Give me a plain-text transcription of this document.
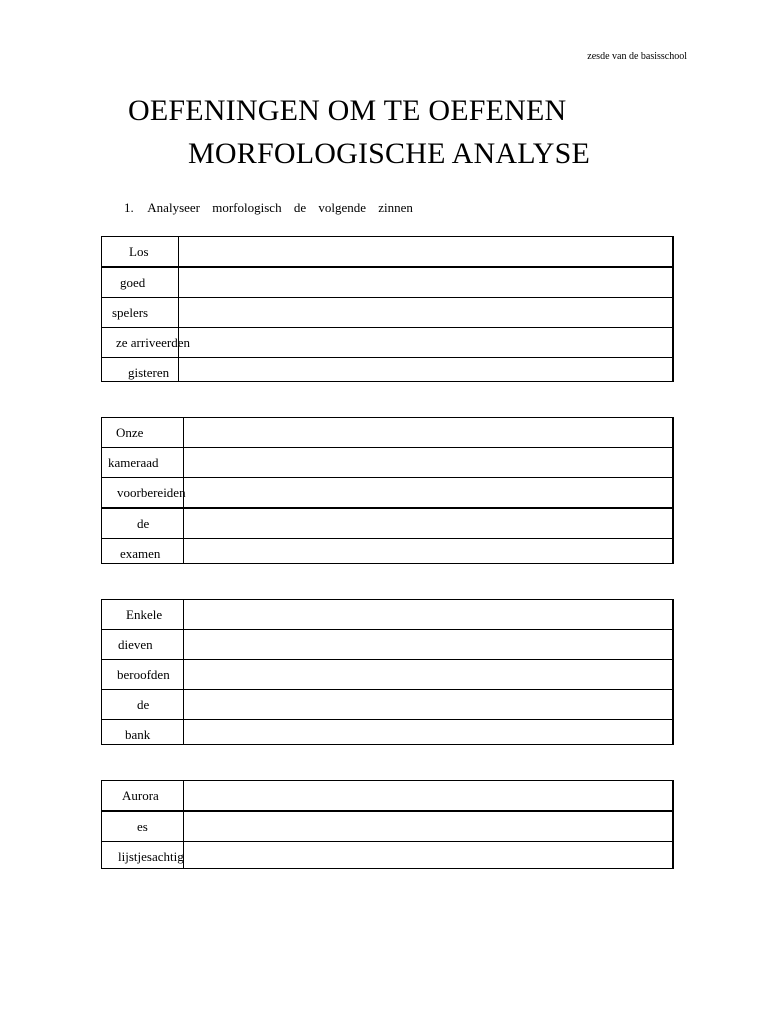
zesde van de basisschool
OEFENINGEN OM TE OEFENEN
MORFOLOGISCHE ANALYSE
1. Analyseer morfologisch de volgende zinnen
Los
goed
spelers
ze arriveerden
gisteren
Onze
kameraad
voorbereiden
de
examen
Enkele
dieven
beroofden
de
bank
Aurora
es
lijstjesachtig
